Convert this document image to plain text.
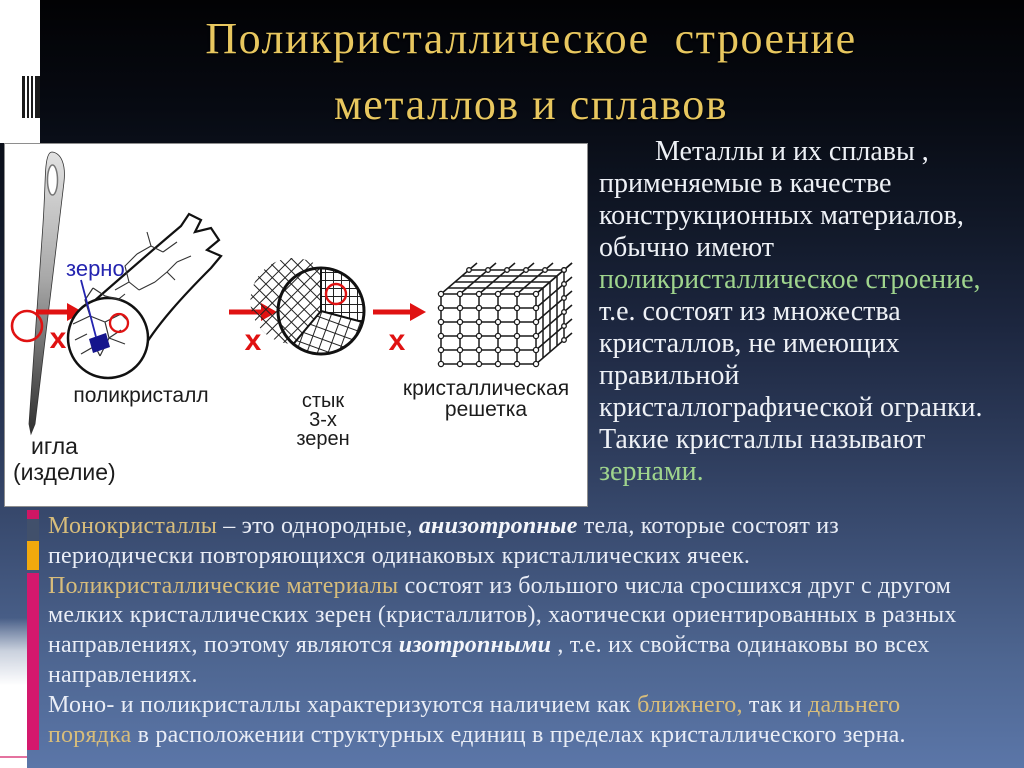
Поликристаллическое  строение
металлов и сплавов
x
зерно
поликристалл
x
стык
3-х
зерен
x
кристаллическая
решетка
игла
(изделие)
Металлы и их сплавы ,
применяемые в качестве
конструкционных материалов,
обычно имеют
поликристаллическое строение,
т.е. состоят из множества
кристаллов, не имеющих
правильной
кристаллографической огранки.
Такие кристаллы называют
зернами.
Монокристаллы – это однородные, анизотропные тела, которые состоят из
периодически повторяющихся одинаковых кристаллических ячеек.
Поликристаллические материалы состоят из большого числа сросшихся друг с другом
мелких кристаллических зерен (кристаллитов), хаотически ориентированных в разных
направлениях, поэтому являются изотропными , т.е. их свойства одинаковы во всех
направлениях.
Моно- и поликристаллы характеризуются наличием как ближнего, так и дальнего
порядка в расположении структурных единиц в пределах кристаллического зерна.
